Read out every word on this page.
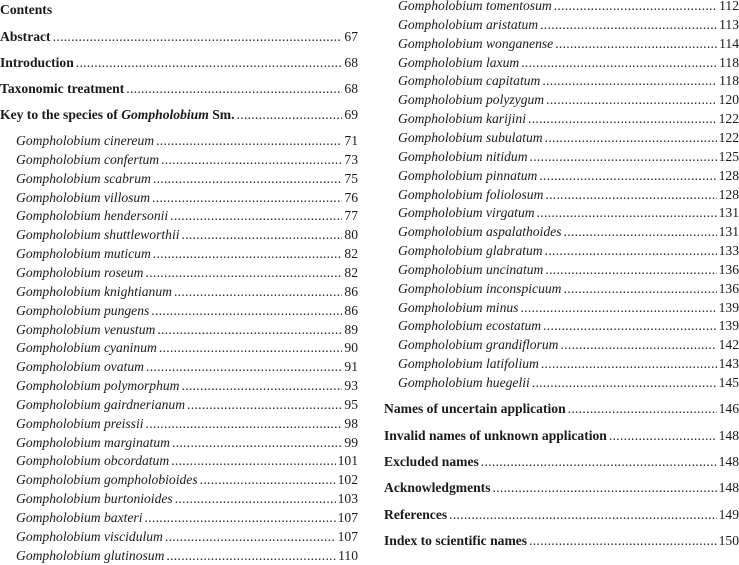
Contents
Abstract .....	67
Introduction .....	68
Taxonomic treatment .....	68
Key to the species of Gompholobium Sm. .....	69
Gompholobium cinereum .....	71
Gompholobium confertum .....	73
Gompholobium scabrum .....	75
Gompholobium villosum .....	76
Gompholobium hendersonii .....	77
Gompholobium shuttleworthii .....	80
Gompholobium muticum .....	82
Gompholobium roseum .....	82
Gompholobium knightianum .....	86
Gompholobium pungens .....	86
Gompholobium venustum .....	89
Gompholobium cyaninum .....	90
Gompholobium ovatum .....	91
Gompholobium polymorphum .....	93
Gompholobium gairdnerianum .....	95
Gompholobium preissii .....	98
Gompholobium marginatum .....	99
Gompholobium obcordatum .....	101
Gompholobium gompholobioides .....	102
Gompholobium burtonioides .....	103
Gompholobium baxteri .....	107
Gompholobium viscidulum .....	107
Gompholobium glutinosum .....	110
Gompholobium tomentosum .....	112
Gompholobium aristatum .....	113
Gompholobium wonganense .....	114
Gompholobium laxum .....	118
Gompholobium capitatum .....	118
Gompholobium polyzygum .....	120
Gompholobium karijini .....	122
Gompholobium subulatum .....	122
Gompholobium nitidum .....	125
Gompholobium pinnatum .....	128
Gompholobium foliolosum .....	128
Gompholobium virgatum .....	131
Gompholobium aspalathoides .....	131
Gompholobium glabratum .....	133
Gompholobium uncinatum .....	136
Gompholobium inconspicuum .....	136
Gompholobium minus .....	139
Gompholobium ecostatum .....	139
Gompholobium grandiflorum .....	142
Gompholobium latifolium .....	143
Gompholobium huegelii .....	145
Names of uncertain application .....	146
Invalid names of unknown application .....	148
Excluded names .....	148
Acknowledgments .....	148
References .....	149
Index to scientific names .....	150
